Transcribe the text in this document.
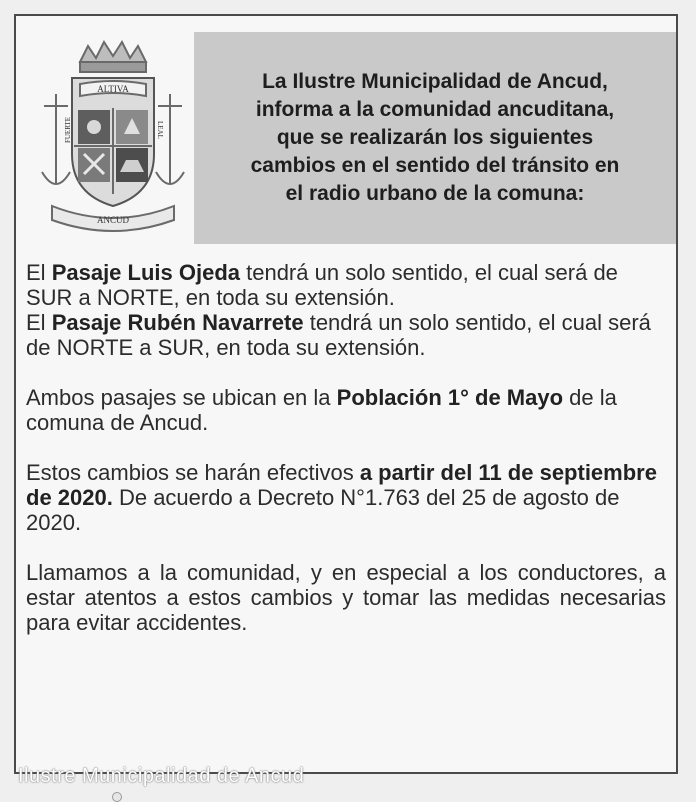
ALTIVA
FUERTE	LEAL
ANCUD

La Ilustre Municipalidad de Ancud,
informa a la comunidad ancuditana,
que se realizarán los siguientes
cambios en el sentido del tránsito en
el radio urbano de la comuna:

El Pasaje Luis Ojeda tendrá un solo sentido, el cual será de SUR a NORTE, en toda su extensión.

El Pasaje Rubén Navarrete tendrá un solo sentido, el cual será de NORTE a SUR, en toda su extensión.

Ambos pasajes se ubican en la Población 1° de Mayo de la comuna de Ancud.

Estos cambios se harán efectivos a partir del 11 de septiembre de 2020. De acuerdo a Decreto N°1.763 del 25 de agosto de 2020.

Llamamos a la comunidad, y en especial a los conductores, a estar atentos a estos cambios y tomar las medidas necesarias para evitar accidentes.

Ilustre Municipalidad de Ancud
